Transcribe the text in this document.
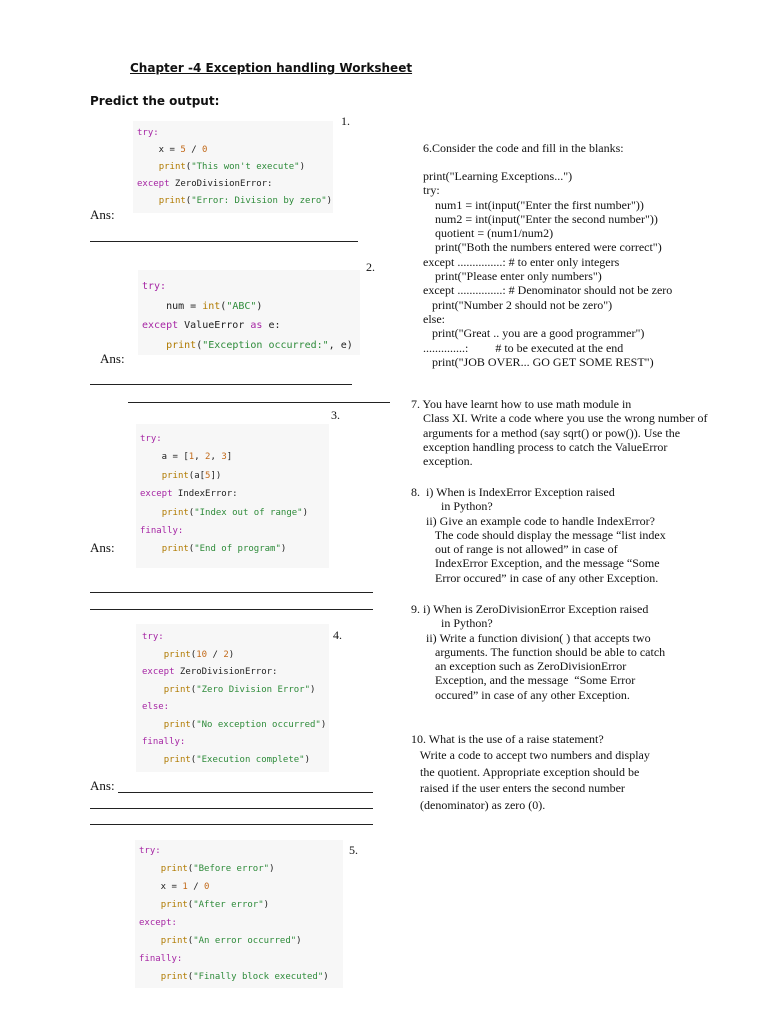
Chapter -4 Exception handling Worksheet
Predict the output:
1.
try:
x = 5 / 0
print("This won't execute")
except ZeroDivisionError:
print("Error: Division by zero")
Ans:
2.
try:
num = int("ABC")
except ValueError as e:
print("Exception occurred:", e)
Ans:
3.
try:
a = [1, 2, 3]
print(a[5])
except IndexError:
print("Index out of range")
finally:
print("End of program")
Ans:
4.
try:
print(10 / 2)
except ZeroDivisionError:
print("Zero Division Error")
else:
print("No exception occurred")
finally:
print("Execution complete")
Ans:
5.
try:
print("Before error")
x = 1 / 0
print("After error")
except:
print("An error occurred")
finally:
print("Finally block executed")
6.Consider the code and fill in the blanks:
print("Learning Exceptions...")
try:
num1 = int(input("Enter the first number"))
num2 = int(input("Enter the second number"))
quotient = (num1/num2)
print("Both the numbers entered were correct")
except ...............: # to enter only integers
print("Please enter only numbers")
except ...............: # Denominator should not be zero
print("Number 2 should not be zero")
else:
print("Great .. you are a good programmer")
..............:         # to be executed at the end
print("JOB OVER... GO GET SOME REST")
7. You have learnt how to use math module in
Class XI. Write a code where you use the wrong number of
arguments for a method (say sqrt() or pow()). Use the
exception handling process to catch the ValueError
exception.
8.  i) When is IndexError Exception raised
in Python?
ii) Give an example code to handle IndexError?
The code should display the message “list index
out of range is not allowed” in case of
IndexError Exception, and the message “Some
Error occured” in case of any other Exception.
9. i) When is ZeroDivisionError Exception raised
in Python?
ii) Write a function division( ) that accepts two
arguments. The function should be able to catch
an exception such as ZeroDivisionError
Exception, and the message  “Some Error
occured” in case of any other Exception.
10. What is the use of a raise statement?
Write a code to accept two numbers and display
the quotient. Appropriate exception should be
raised if the user enters the second number
(denominator) as zero (0).
